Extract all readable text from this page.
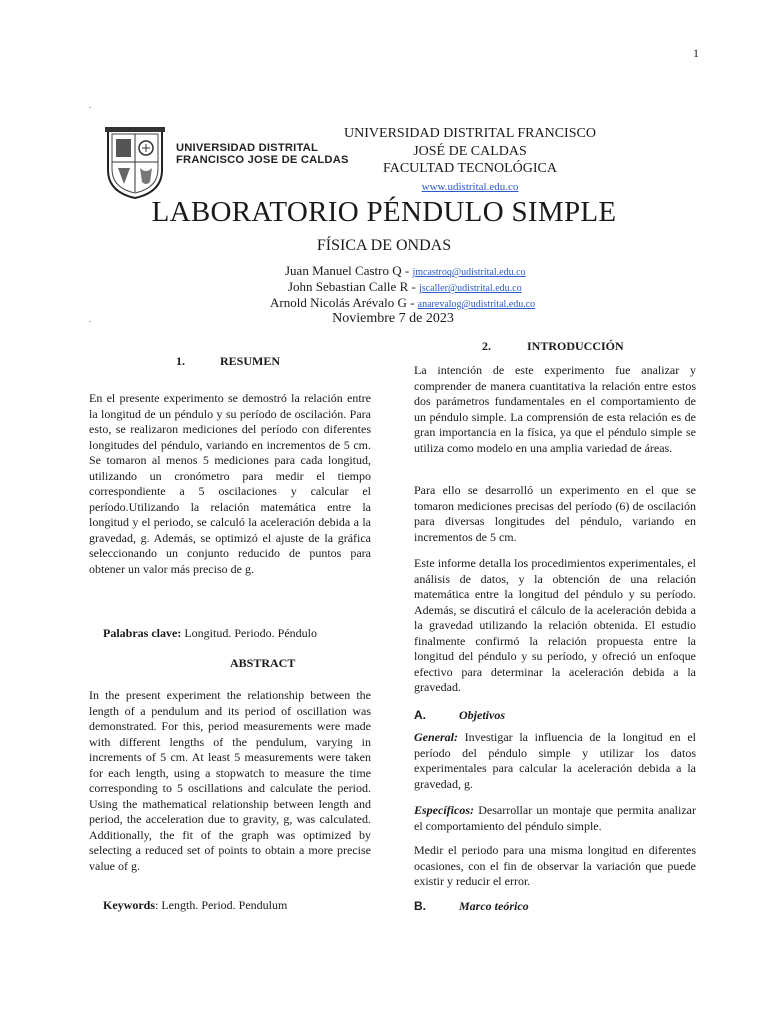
1
.
.
UNIVERSIDAD DISTRITAL
FRANCISCO JOSE DE CALDAS
UNIVERSIDAD DISTRITAL FRANCISCO
JOSÉ DE CALDAS
FACULTAD TECNOLÓGICA
www.udistrital.edu.co
LABORATORIO PÉNDULO SIMPLE
FÍSICA DE ONDAS
Juan Manuel Castro Q - jmcastroq@udistrital.edu.co
John Sebastian Calle R - jscaller@udistrital.edu.co
Arnold Nicolás Arévalo G - anarevalog@udistrital.edu.co
Noviembre 7 de 2023
1.	RESUMEN

En el presente experimento se demostró la relación entre la longitud de un péndulo y su período de oscilación. Para esto, se realizaron mediciones del período con diferentes longitudes del péndulo, variando en incrementos de 5 cm. Se tomaron al menos 5 mediciones para cada longitud, utilizando un cronómetro para medir el tiempo correspondiente a 5 oscilaciones y calcular el período.Utilizando la relación matemática entre la longitud y el periodo, se calculó la aceleración debida a la gravedad, g. Además, se optimizó el ajuste de la gráfica seleccionando un conjunto reducido de puntos para obtener un valor más preciso de g.

Palabras clave: Longitud. Periodo. Péndulo
ABSTRACT

In the present experiment the relationship between the length of a pendulum and its period of oscillation was demonstrated. For this, period measurements were made with different lengths of the pendulum, varying in increments of 5 cm. At least 5 measurements were taken for each length, using a stopwatch to measure the time corresponding to 5 oscillations and calculate the period. Using the mathematical relationship between length and period, the acceleration due to gravity, g, was calculated. Additionally, the fit of the graph was optimized by selecting a reduced set of points to obtain a more precise value of g.

Keywords: Length. Period. Pendulum
2.	INTRODUCCIÓN

La intención de este experimento fue analizar y comprender de manera cuantitativa la relación entre estos dos parámetros fundamentales en el comportamiento de un péndulo simple. La comprensión de esta relación es de gran importancia en la física, ya que el péndulo simple se utiliza como modelo en una amplia variedad de áreas.

Para ello se desarrolló un experimento en el que se tomaron mediciones precisas del período (6) de oscilación para diversas longitudes del péndulo, variando en incrementos de 5 cm.

Este informe detalla los procedimientos experimentales, el análisis de datos, y la obtención de una relación matemática entre la longitud del péndulo y su período. Además, se discutirá el cálculo de la aceleración debida a la gravedad utilizando la relación obtenida. El estudio finalmente confirmó la relación propuesta entre la longitud del péndulo y su período, y ofreció un enfoque efectivo para determinar la aceleración debida a la gravedad.

A.	Objetivos

General: Investigar la influencia de la longitud en el período del péndulo simple y utilizar los datos experimentales para calcular la aceleración debida a la gravedad, g.

Específicos: Desarrollar un montaje que permita analizar el comportamiento del péndulo simple.

Medir el periodo para una misma longitud en diferentes ocasiones, con el fin de observar la variación que puede existir y reducir el error.

B.	Marco teórico
